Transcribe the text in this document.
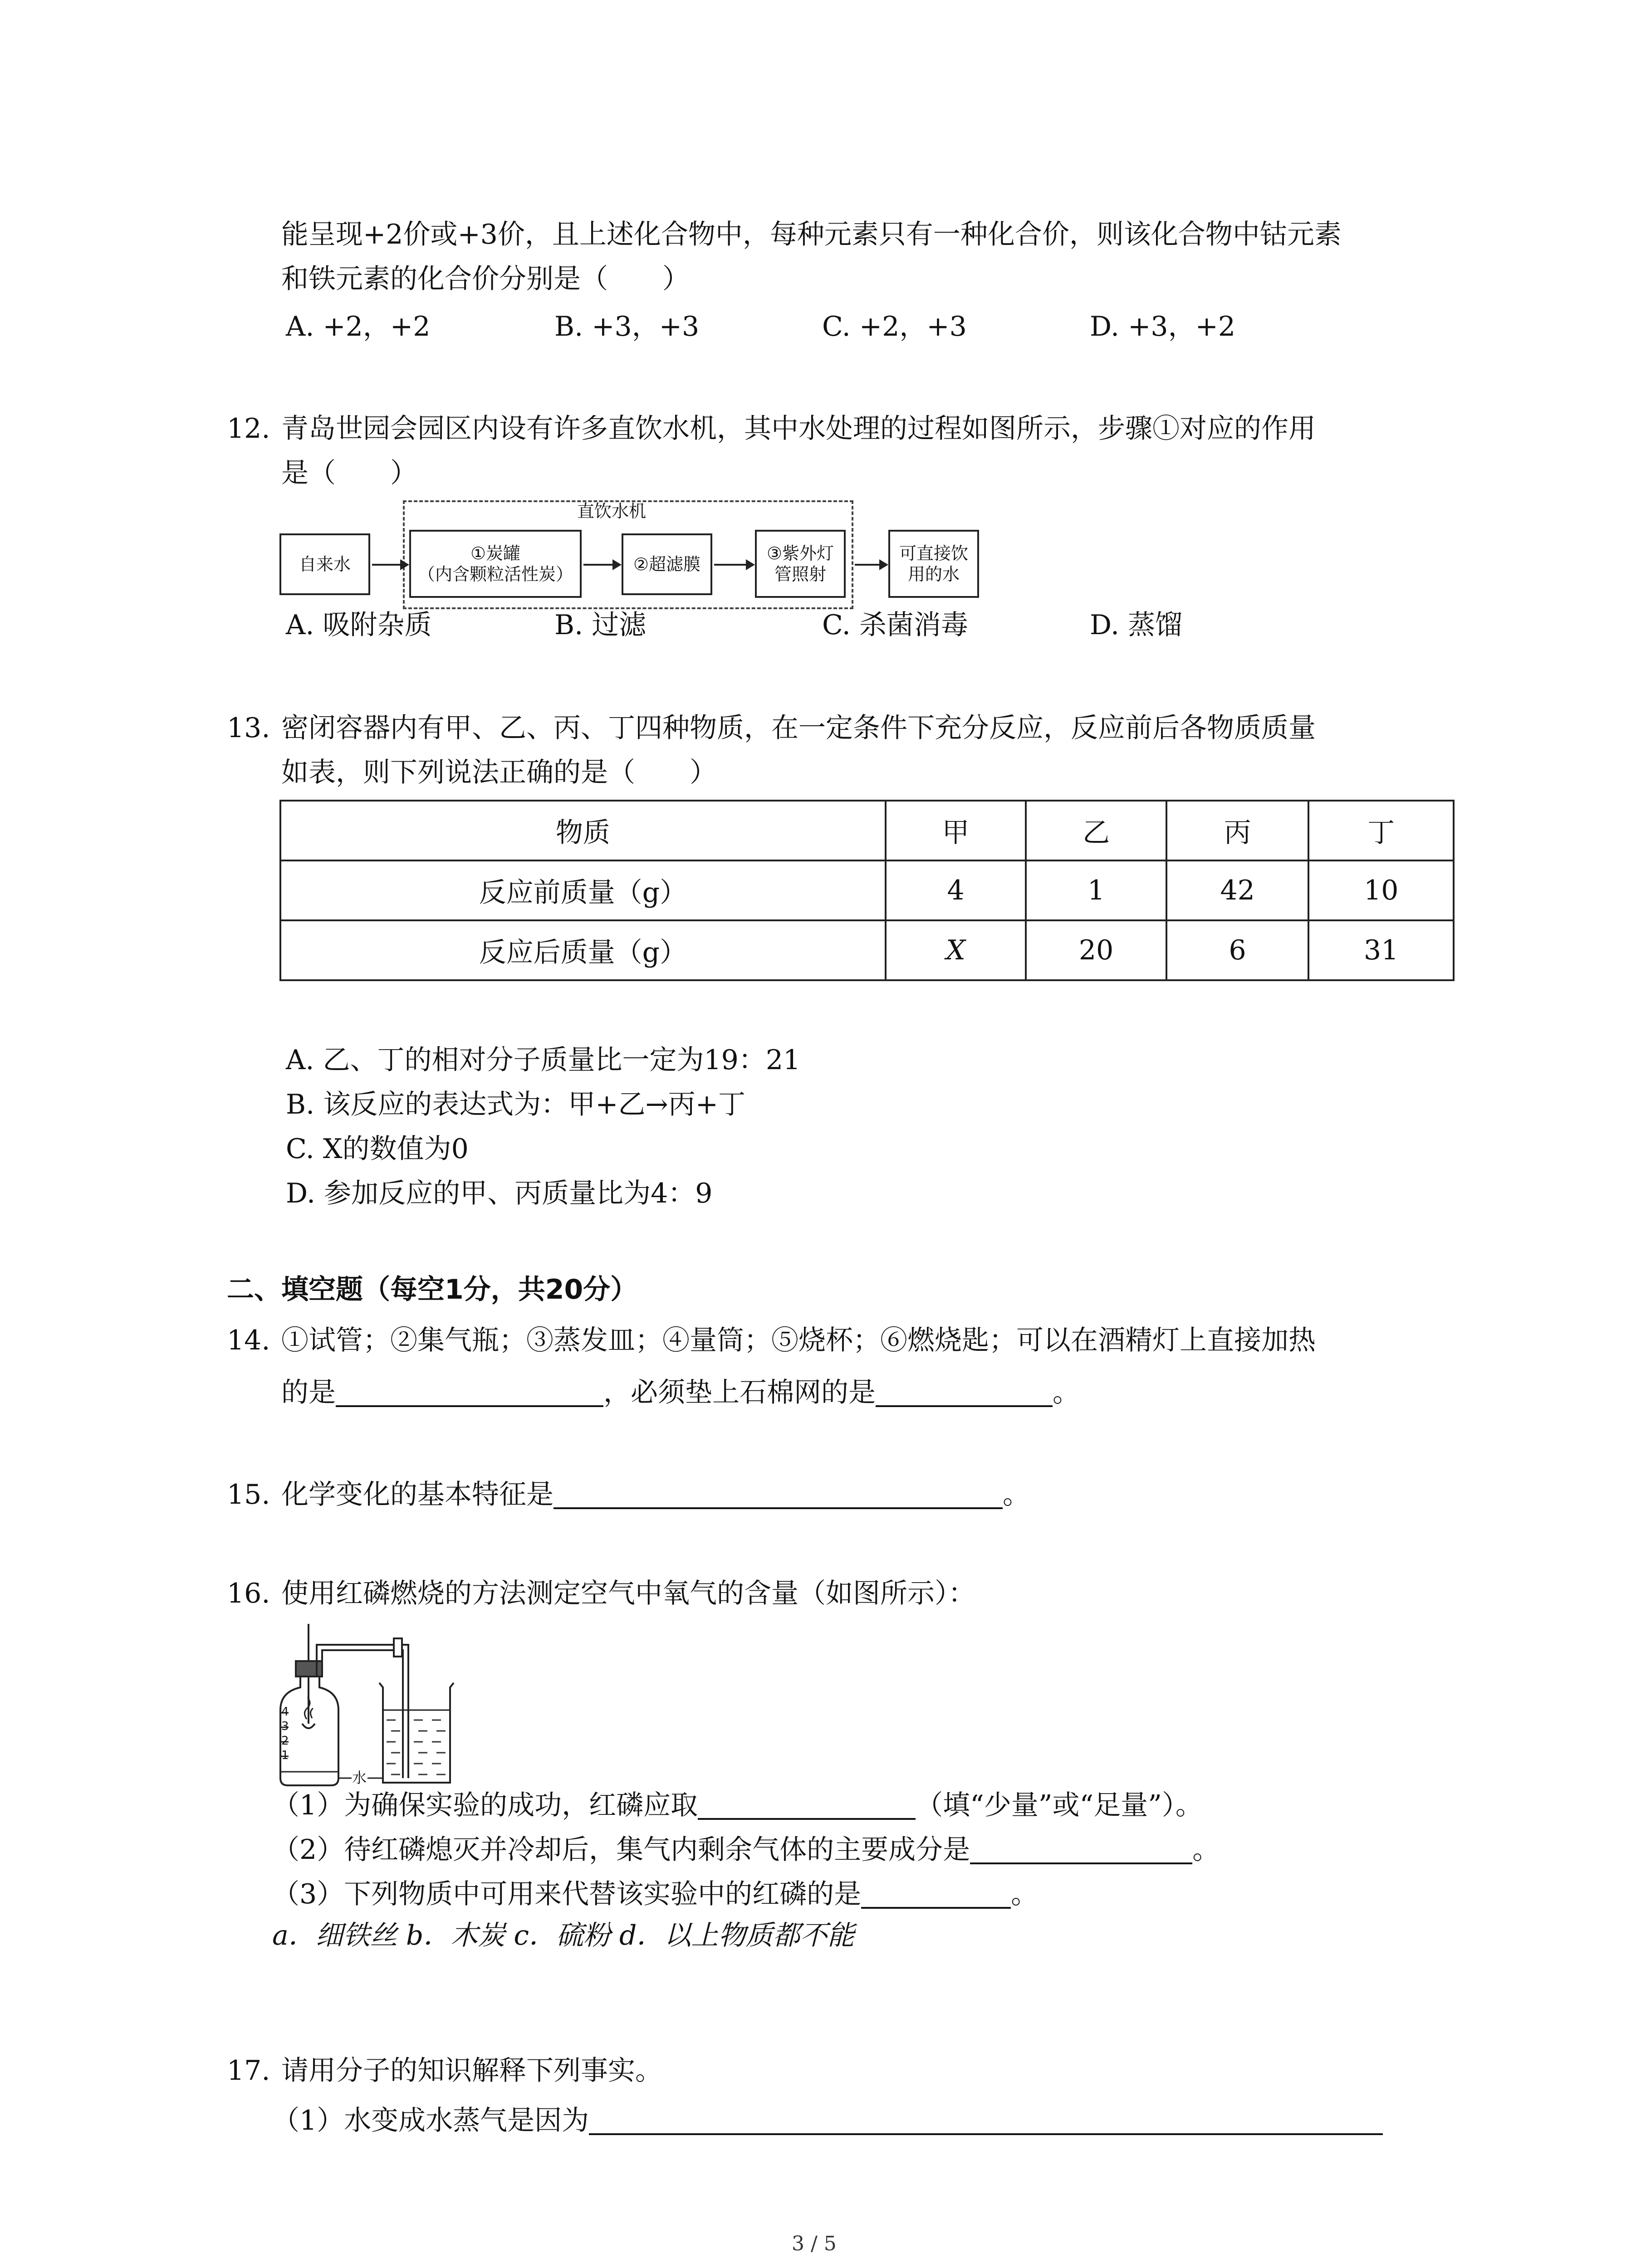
能呈现+2价或+3价，且上述化合物中，每种元素只有一种化合价，则该化合物中钴元素
和铁元素的化合价分别是（　　）
A. +2，+2	B. +3，+3	C. +2，+3	D. +3，+2
12. 青岛世园会园区内设有许多直饮水机，其中水处理的过程如图所示，步骤①对应的作用
是（　　）
直饮水机
自来水
①炭罐
（内含颗粒活性炭）	②超滤膜
③紫外灯
管照射
可直接饮
用的水
A. 吸附杂质	B. 过滤	C. 杀菌消毒	D. 蒸馏
13. 密闭容器内有甲、乙、丙、丁四种物质，在一定条件下充分反应，反应前后各物质质量
如表，则下列说法正确的是（　　）
物质	甲	乙	丙	丁
反应前质量（g）	4	1	42	10
反应后质量（g）	X	20	6	31
A. 乙、丁的相对分子质量比一定为19：21
B. 该反应的表达式为：甲+乙→丙+丁
C. X的数值为0
D. 参加反应的甲、丙质量比为4：9
二、填空题（每空1分，共20分）
14. ①试管；②集气瓶；③蒸发皿；④量筒；⑤烧杯；⑥燃烧匙；可以在酒精灯上直接加热
的是	，必须垫上石棉网的是	。
15. 化学变化的基本特征是	。
16. 使用红磷燃烧的方法测定空气中氧气的含量（如图所示）：
4
3
2
1
水
（1）为确保实验的成功，红磷应取	（填“少量”或“足量”）。
（2）待红磷熄灭并冷却后，集气内剩余气体的主要成分是	。
（3）下列物质中可用来代替该实验中的红磷的是	。
a．细铁丝 b．木炭 c．硫粉 d．以上物质都不能
17. 请用分子的知识解释下列事实。
（1）水变成水蒸气是因为
3 / 5
